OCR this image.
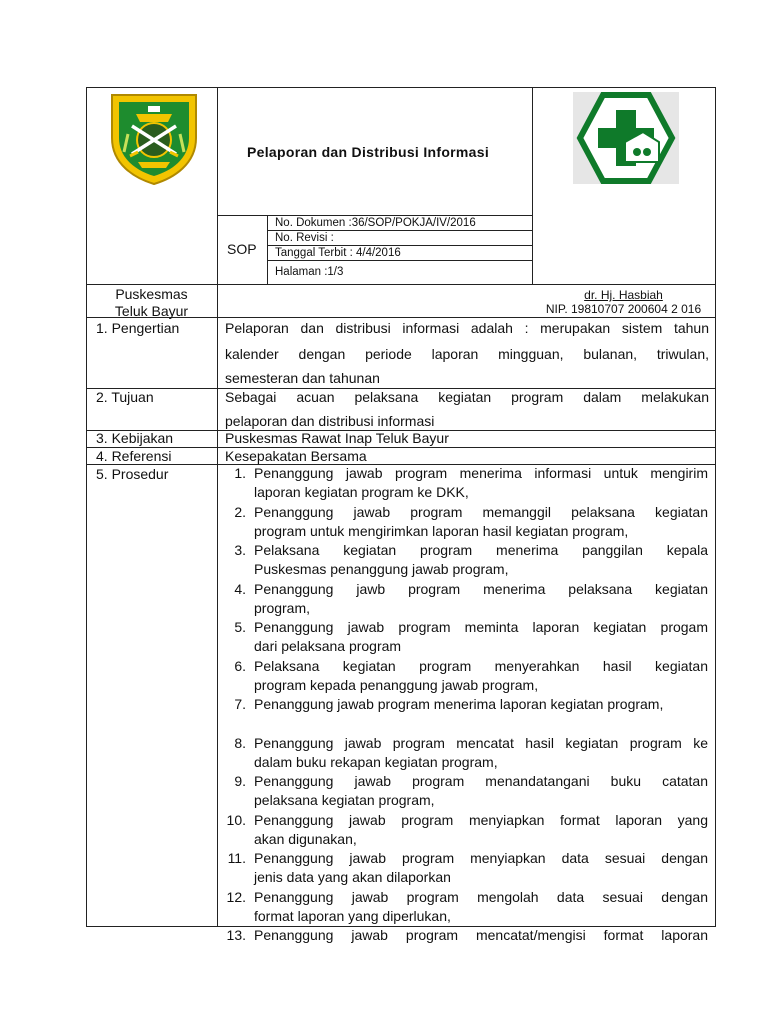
Pelaporan dan Distribusi Informasi
SOP
No. Dokumen :36/SOP/POKJA/IV/2016
No. Revisi :
Tanggal Terbit : 4/4/2016
Halaman :1/3
Puskesmas
Teluk Bayur
dr. Hj. Hasbiah
NIP. 19810707 200604 2 016
1. Pengertian	Pelaporan dan distribusi informasi adalah : merupakan sistem tahun
kalender dengan periode laporan mingguan, bulanan, triwulan,
semesteran dan tahunan
2. Tujuan	Sebagai acuan pelaksana kegiatan program dalam melakukan
pelaporan dan distribusi informasi
3. Kebijakan	Puskesmas Rawat Inap Teluk Bayur
4. Referensi	Kesepakatan Bersama
5. Prosedur	1. Penanggung jawab program menerima informasi untuk mengirim
laporan kegiatan program ke DKK,
2. Penanggung jawab program memanggil pelaksana kegiatan
program untuk mengirimkan laporan hasil kegiatan program,
3. Pelaksana kegiatan program menerima panggilan kepala
Puskesmas penanggung jawab program,
4. Penanggung jawb program menerima pelaksana kegiatan
program,
5. Penanggung jawab program meminta laporan kegiatan progam
dari pelaksana program
6. Pelaksana kegiatan program menyerahkan hasil kegiatan
program kepada penanggung jawab program,
7. Penanggung jawab program menerima laporan kegiatan program,
8. Penanggung jawab program mencatat hasil kegiatan program ke
dalam buku rekapan kegiatan program,
9. Penanggung jawab program menandatangani buku catatan
pelaksana kegiatan program,
10. Penanggung jawab program menyiapkan format laporan yang
akan digunakan,
11. Penanggung jawab program menyiapkan data sesuai dengan
jenis data yang akan dilaporkan
12. Penanggung jawab program mengolah data sesuai dengan
format laporan yang diperlukan,
13. Penanggung jawab program mencatat/mengisi format laporan
